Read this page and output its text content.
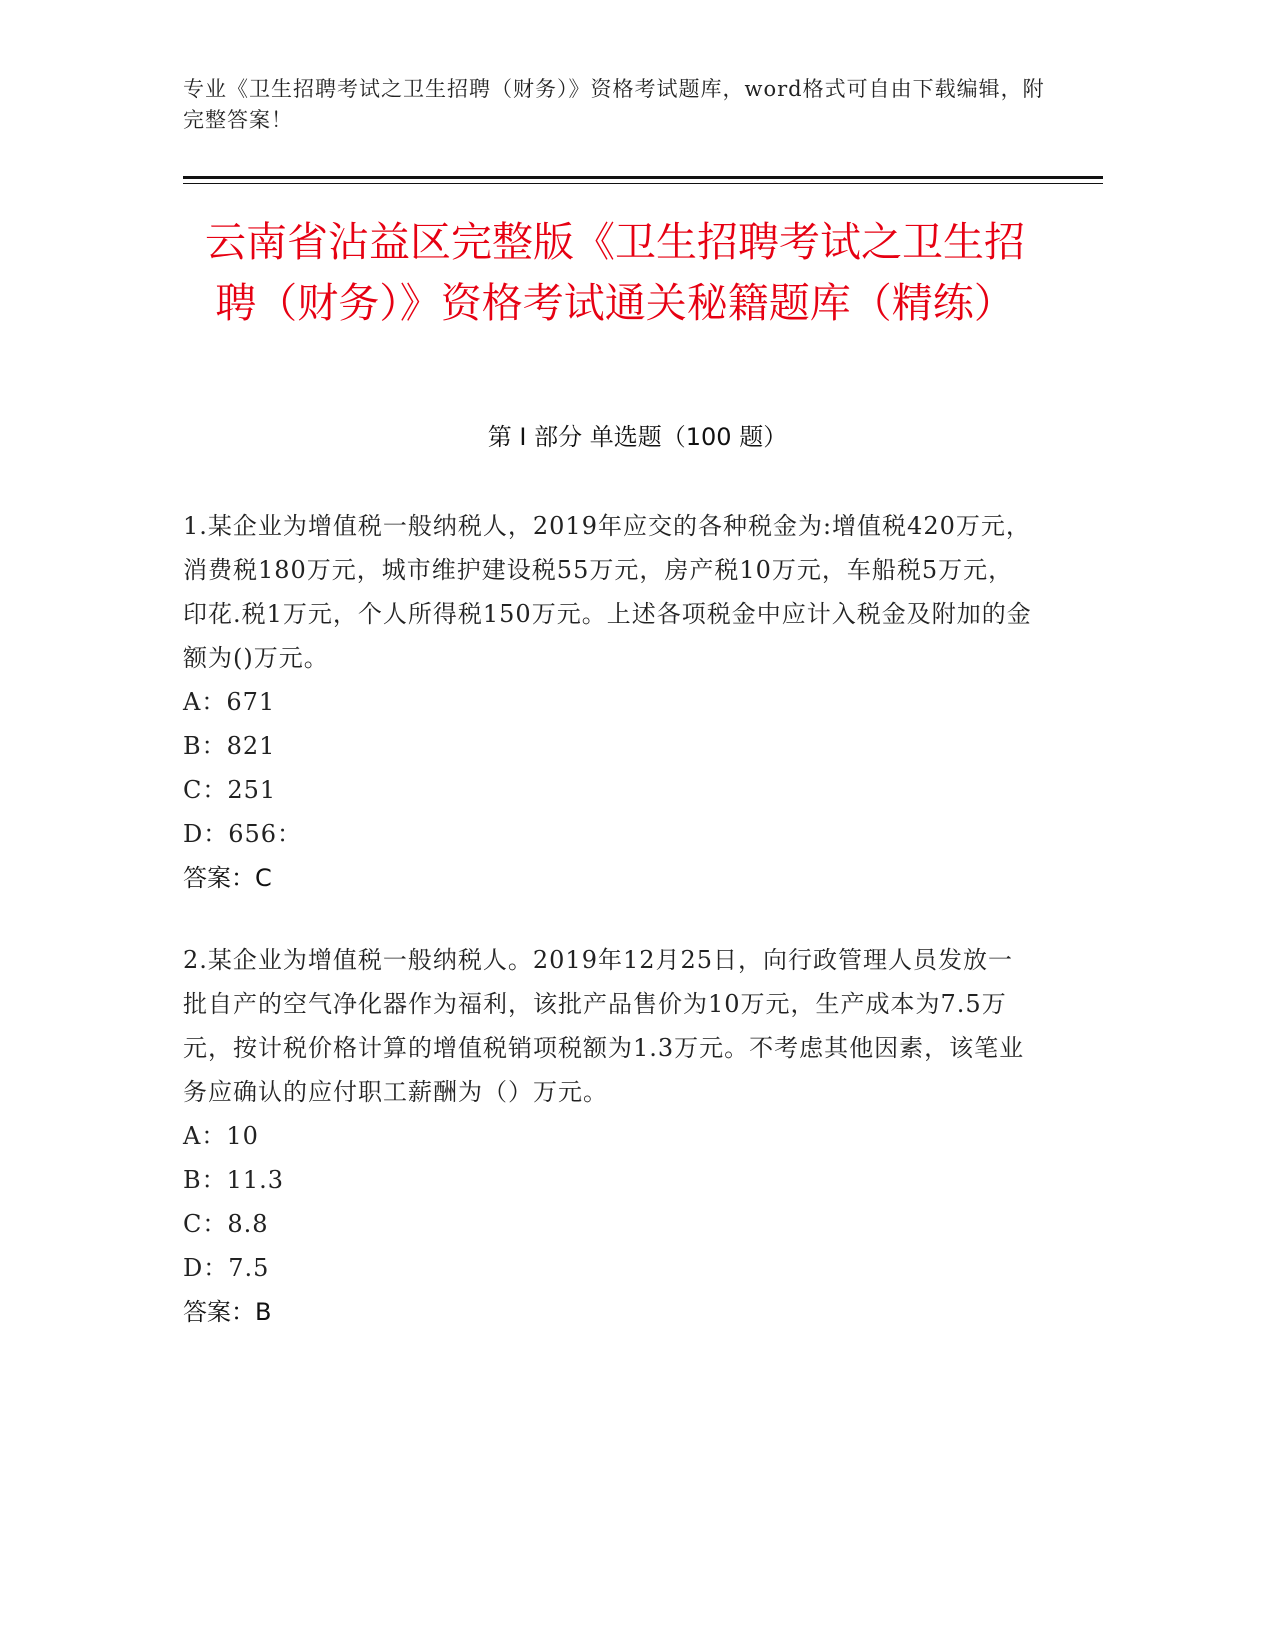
专业《卫生招聘考试之卫生招聘（财务）》资格考试题库，word格式可自由下载编辑，附完整答案！
云南省沾益区完整版《卫生招聘考试之卫生招聘（财务）》资格考试通关秘籍题库（精练）
第 I 部分 单选题（100 题）
1.某企业为增值税一般纳税人，2019年应交的各种税金为:增值税420万元，消费税180万元，城市维护建设税55万元，房产税10万元，车船税5万元，印花.税1万元，个人所得税150万元。上述各项税金中应计入税金及附加的金额为()万元。
A：671
B：821
C：251
D：656：
答案：C
2.某企业为增值税一般纳税人。2019年12月25日，向行政管理人员发放一批自产的空气净化器作为福利，该批产品售价为10万元，生产成本为7.5万元，按计税价格计算的增值税销项税额为1.3万元。不考虑其他因素，该笔业务应确认的应付职工薪酬为（）万元。
A：10
B：11.3
C：8.8
D：7.5
答案：B
